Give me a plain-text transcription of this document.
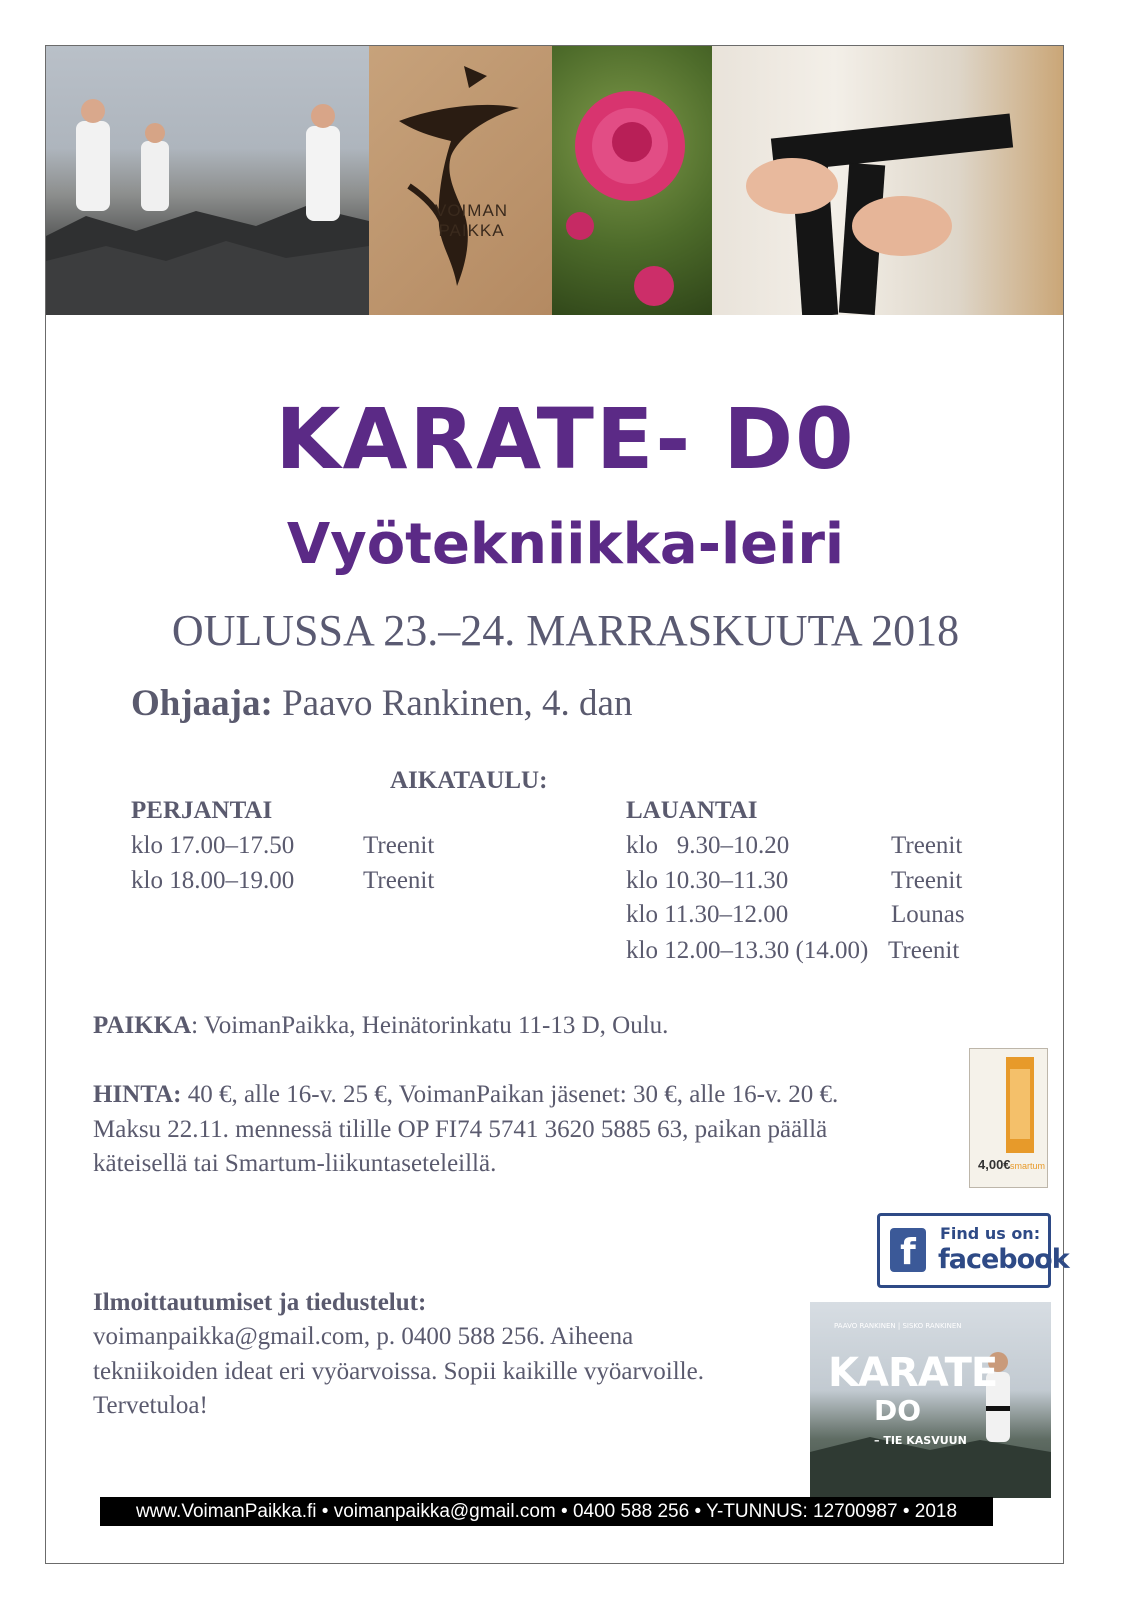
VOIMAN
PAIKKA
KARATE- D0
Vyötekniikka-leiri
OULUSSA 23.–24. MARRASKUUTA 2018
Ohjaaja: Paavo Rankinen, 4. dan
AIKATAULU:
PERJANTAI
klo 17.00–17.50	Treenit
klo 18.00–19.00	Treenit
LAUANTAI
klo   9.30–10.20	Treenit
klo 10.30–11.30	Treenit
klo 11.30–12.00	Lounas
klo 12.00–13.30 (14.00) Treenit
PAIKKA: VoimanPaikka, Heinätorinkatu 11-13 D, Oulu.
HINTA: 40 €, alle 16-v. 25 €, VoimanPaikan jäsenet: 30 €, alle 16-v. 20 €.
Maksu 22.11. mennessä tilille OP FI74 5741 3620 5885 63, paikan päällä
käteisellä tai Smartum-liikuntaseteleillä.	4,00€ smartum
f	Find us on:
facebook
Ilmoittautumiset ja tiedustelut:
voimanpaikka@gmail.com, p. 0400 588 256. Aiheena
tekniikoiden ideat eri vyöarvoissa. Sopii kaikille vyöarvoille.
Tervetuloa!
PAAVO RANKINEN | SISKO RANKINEN
KARATE
DO
– TIE KASVUUN
www.VoimanPaikka.fi • voimanpaikka@gmail.com • 0400 588 256 • Y-TUNNUS: 12700987 • 2018
